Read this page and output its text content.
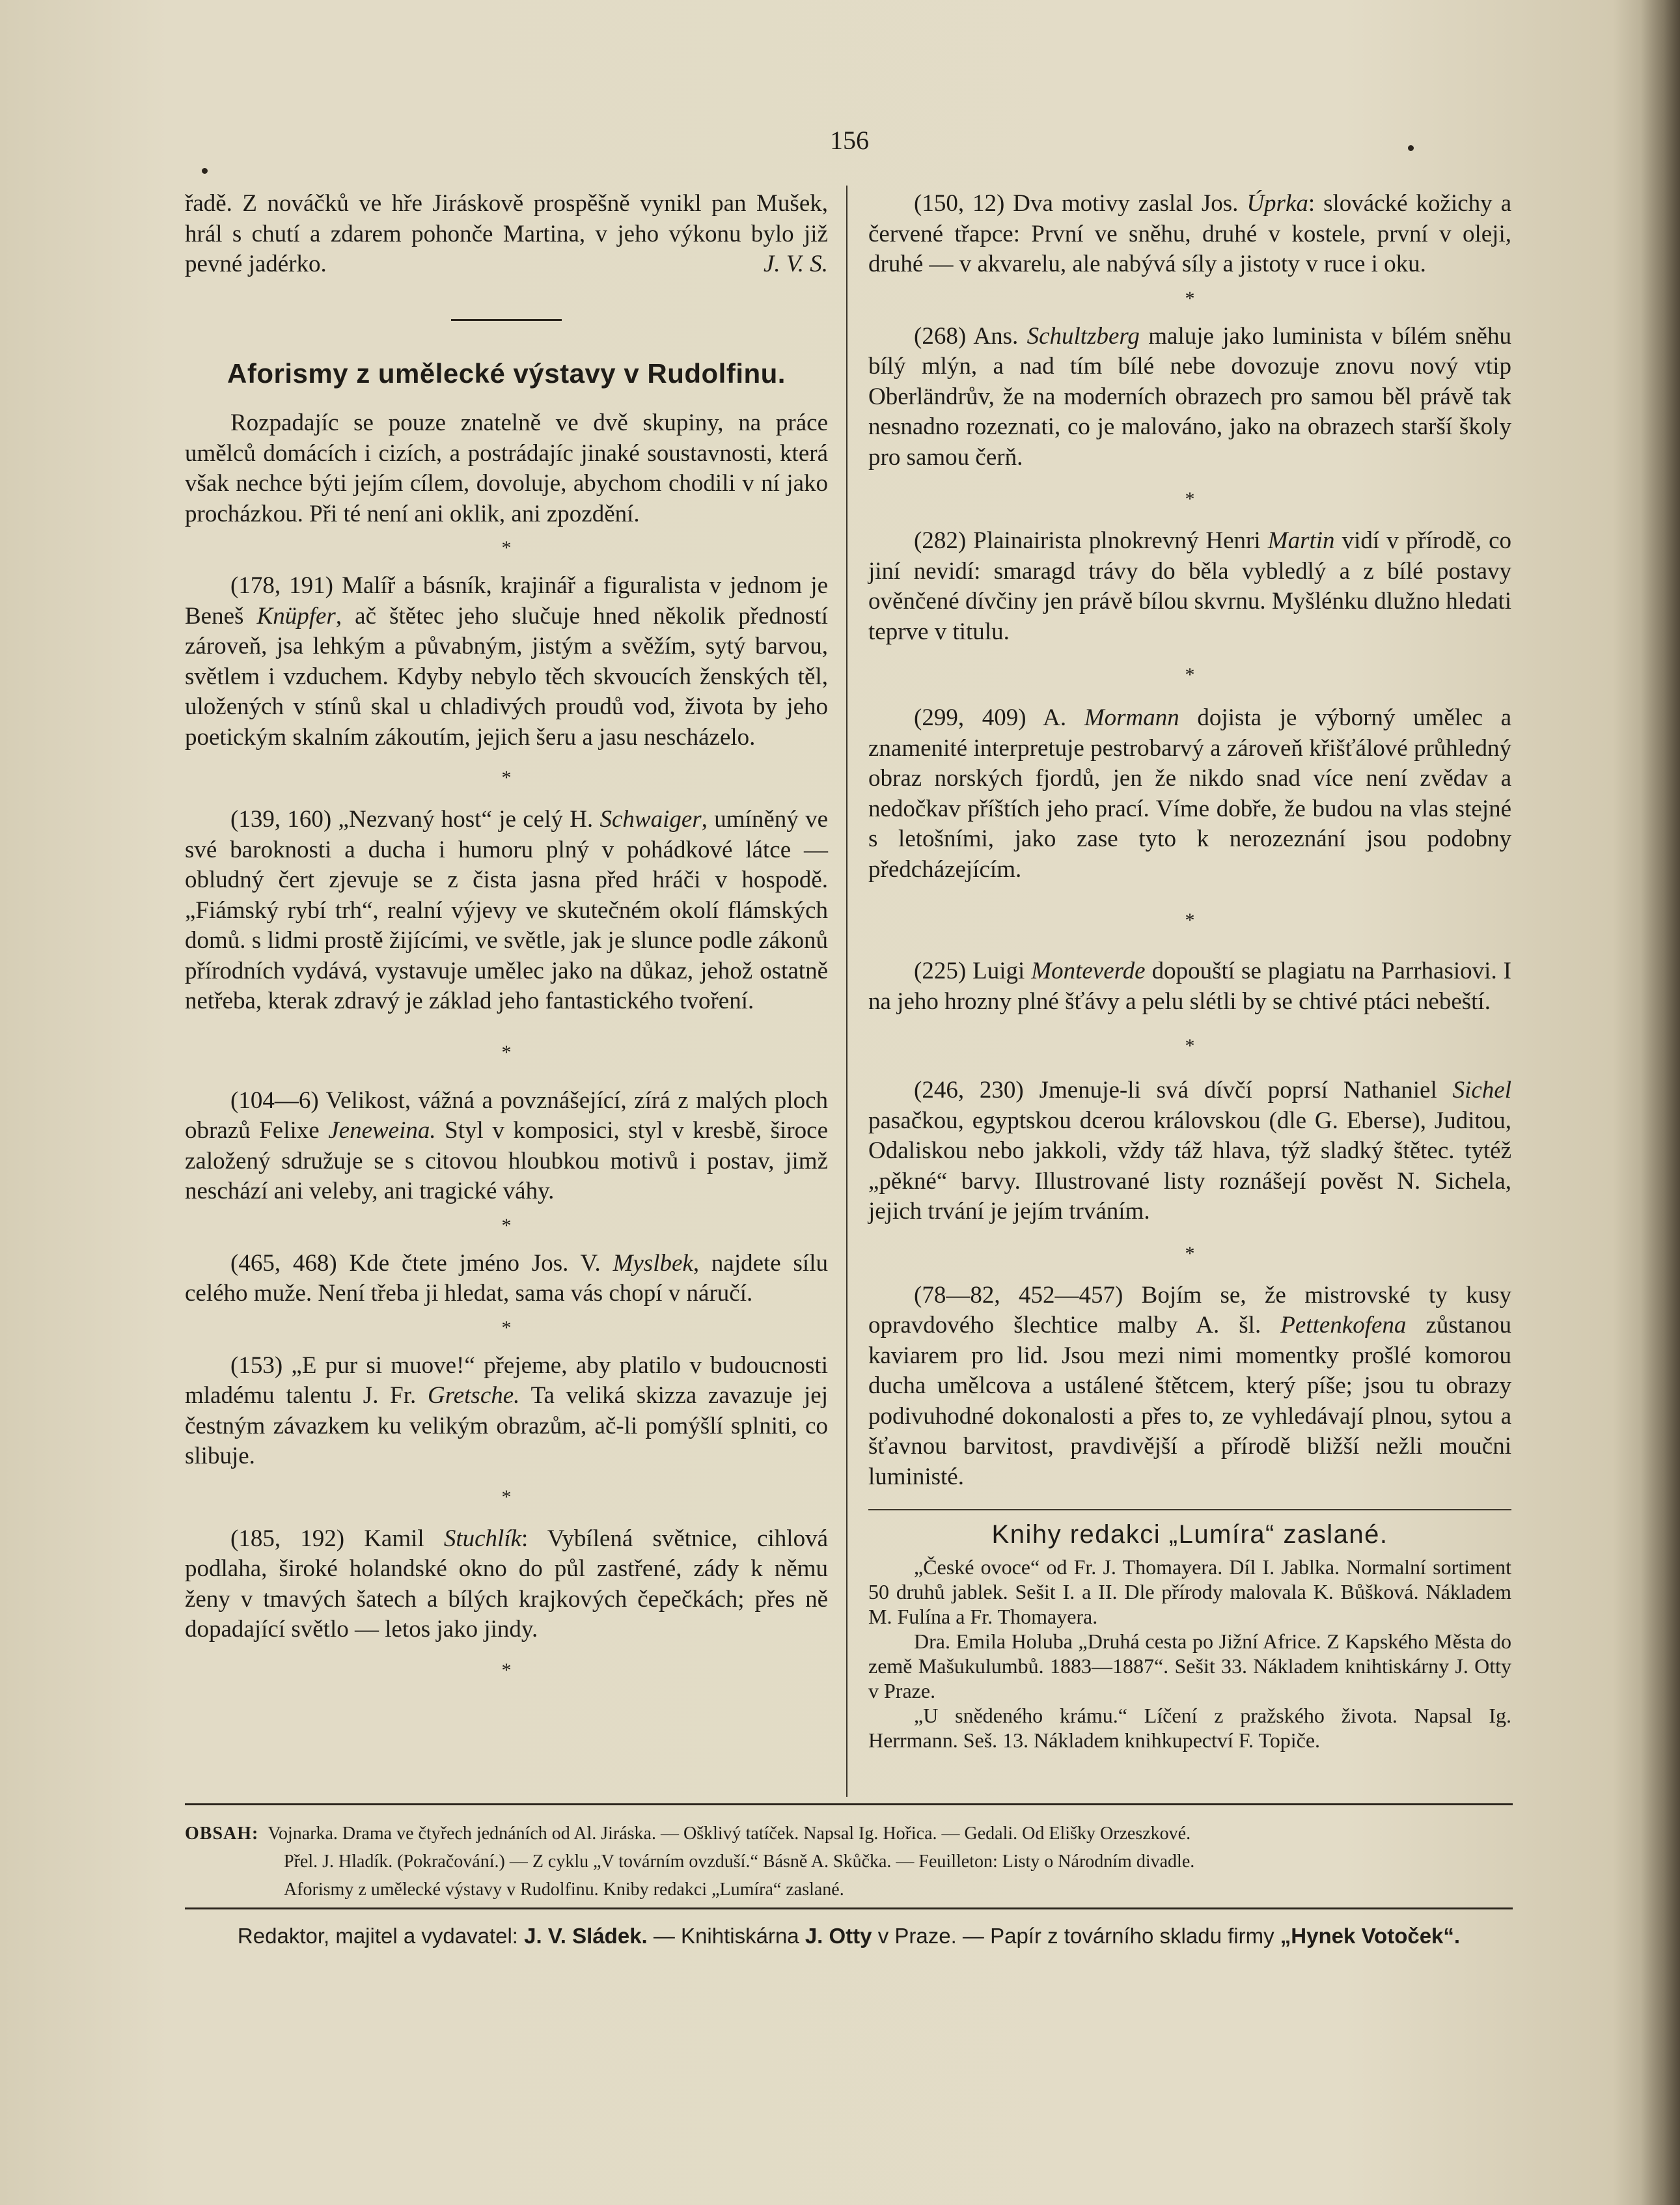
156

řadě. Z nováčků ve hře Jiráskově prospěšně vynikl pan Mušek, hrál s chutí a zdarem pohonče Martina, v jeho výkonu bylo již pevné jadérko.	J. V. S.

Aforismy z umělecké výstavy v Rudolfinu.

Rozpadajíc se pouze znatelně ve dvě skupiny, na práce umělců domácích i cizích, a postrádajíc jinaké soustavnosti, která však nechce býti jejím cílem, dovoluje, abychom chodili v ní jako procházkou. Při té není ani oklik, ani zpozdění.

*

(178, 191) Malíř a básník, krajinář a figuralista v jednom je Beneš Knüpfer, ač štětec jeho slučuje hned několik předností zároveň, jsa lehkým a půvabným, jistým a svěžím, sytý barvou, světlem i vzduchem. Kdyby nebylo těch skvoucích ženských těl, uložených v stínů skal u chladivých proudů vod, života by jeho poetickým skalním zákoutím, jejich šeru a jasu nescházelo.

*

(139, 160) „Nezvaný host“ je celý H. Schwaiger, umíněný ve své baroknosti a ducha i humoru plný v pohádkové látce — obludný čert zjevuje se z čista jasna před hráči v hospodě. „Fiámský rybí trh“, realní výjevy ve skutečném okolí flámských domů. s lidmi prostě žijícími, ve světle, jak je slunce podle zákonů přírodních vydává, vystavuje umělec jako na důkaz, jehož ostatně netřeba, kterak zdravý je základ jeho fantastického tvoření.

*

(104—6) Velikost, vážná a povznášející, zírá z malých ploch obrazů Felixe Jeneweina. Styl v komposici, styl v kresbě, široce založený sdružuje se s citovou hloubkou motivů i postav, jimž neschází ani veleby, ani tragické váhy.

*

(465, 468) Kde čtete jméno Jos. V. Myslbek, najdete sílu celého muže. Není třeba ji hledat, sama vás chopí v náručí.

*

(153) „E pur si muove!“ přejeme, aby platilo v budoucnosti mladému talentu J. Fr. Gretsche. Ta veliká skizza zavazuje jej čestným závazkem ku velikým obrazům, ač-li pomýšlí splniti, co slibuje.

*

(185, 192) Kamil Stuchlík: Vybílená světnice, cihlová podlaha, široké holandské okno do půl zastřené, zády k němu ženy v tmavých šatech a bílých krajkových čepečkách; přes ně dopadající světlo — letos jako jindy.

*

(150, 12) Dva motivy zaslal Jos. Úprka: slovácké kožichy a červené třapce: První ve sněhu, druhé v kostele, první v oleji, druhé — v akvarelu, ale nabývá síly a jistoty v ruce i oku.

*

(268) Ans. Schultzberg maluje jako luminista v bílém sněhu bílý mlýn, a nad tím bílé nebe dovozuje znovu nový vtip Oberländrův, že na moderních obrazech pro samou běl právě tak nesnadno rozeznati, co je malováno, jako na obrazech starší školy pro samou čerň.

*

(282) Plainairista plnokrevný Henri Martin vidí v přírodě, co jiní nevidí: smaragd trávy do běla vybledlý a z bílé postavy ověnčené dívčiny jen právě bílou skvrnu. Myšlénku dlužno hledati teprve v titulu.

*

(299, 409) A. Mormann dojista je výborný umělec a znamenité interpretuje pestrobarvý a zároveň křišťálové průhledný obraz norských fjordů, jen že nikdo snad více není zvědav a nedočkav příštích jeho prací. Víme dobře, že budou na vlas stejné s letošními, jako zase tyto k nerozeznání jsou podobny předcházejícím.

*

(225) Luigi Monteverde dopouští se plagiatu na Parrhasiovi. I na jeho hrozny plné šťávy a pelu slétli by se chtivé ptáci nebeští.

*

(246, 230) Jmenuje-li svá dívčí poprsí Nathaniel Sichel pasačkou, egyptskou dcerou královskou (dle G. Eberse), Juditou, Odaliskou nebo jakkoli, vždy táž hlava, týž sladký štětec. tytéž „pěkné“ barvy. Illustrované listy roznášejí pověst N. Sichela, jejich trvání je jejím trváním.

*

(78—82, 452—457) Bojím se, že mistrovské ty kusy opravdového šlechtice malby A. šl. Pettenkofena zůstanou kaviarem pro lid. Jsou mezi nimi momentky prošlé komorou ducha umělcova a ustálené štětcem, který píše; jsou tu obrazy podivuhodné dokonalosti a přes to, ze vyhledávají plnou, sytou a šťavnou barvitost, pravdivější a přírodě bližší nežli moučni luministé.

Knihy redakci „Lumíra“ zaslané.

„České ovoce“ od Fr. J. Thomayera. Díl I. Jablka. Normalní sortiment 50 druhů jablek. Sešit I. a II. Dle přírody malovala K. Bůšková. Nákladem M. Fulína a Fr. Thomayera.

Dra. Emila Holuba „Druhá cesta po Jižní Africe. Z Kapského Města do země Mašukulumbů. 1883—1887“. Sešit 33. Nákladem knihtiskárny J. Otty v Praze.

„U snědeného krámu.“ Líčení z pražského života. Napsal Ig. Herrmann. Seš. 13. Nákladem knihkupectví F. Topiče.

OBSAH: Vojnarka. Drama ve čtyřech jednáních od Al. Jiráska. — Ošklivý tatíček. Napsal Ig. Hořica. — Gedali. Od Elišky Orzeszkové.
Přel. J. Hladík. (Pokračování.) — Z cyklu „V továrním ovzduší.“ Básně A. Skůčka. — Feuilleton: Listy o Národním divadle.
Aforismy z umělecké výstavy v Rudolfinu. Kniby redakci „Lumíra“ zaslané.
Redaktor, majitel a vydavatel: J. V. Sládek. — Knihtiskárna J. Otty v Praze. — Papír z továrního skladu firmy „Hynek Votoček“.
